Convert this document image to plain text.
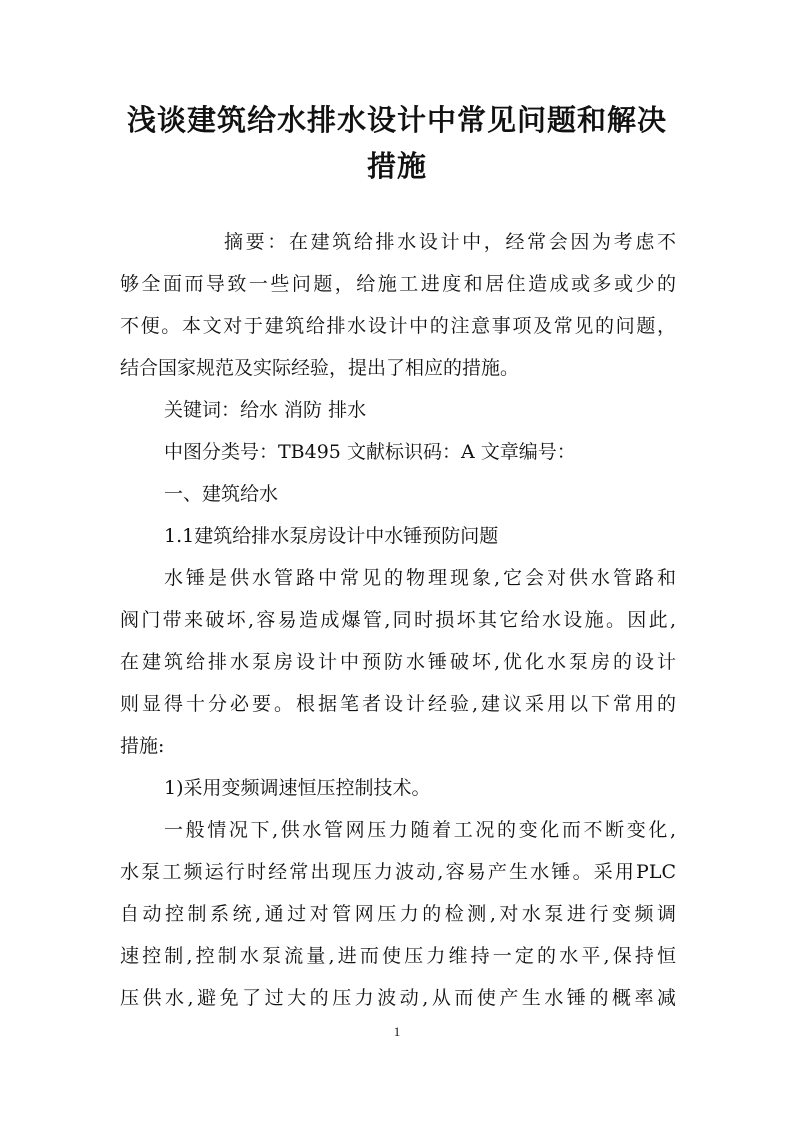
浅谈建筑给水排水设计中常见问题和解决
措施
摘要：在建筑给排水设计中，经常会因为考虑不
够全面而导致一些问题，给施工进度和居住造成或多或少的
不便。本文对于建筑给排水设计中的注意事项及常见的问题，
结合国家规范及实际经验，提出了相应的措施。
关键词：给水 消防 排水
中图分类号：TB495 文献标识码：A 文章编号：
一、建筑给水
1.1建筑给排水泵房设计中水锤预防问题
水锤是供水管路中常见的物理现象,它会对供水管路和
阀门带来破坏,容易造成爆管,同时损坏其它给水设施。因此,
在建筑给排水泵房设计中预防水锤破坏,优化水泵房的设计
则显得十分必要。根据笔者设计经验,建议采用以下常用的
措施:
1)采用变频调速恒压控制技术。
一般情况下,供水管网压力随着工况的变化而不断变化,
水泵工频运行时经常出现压力波动,容易产生水锤。采用PLC
自动控制系统,通过对管网压力的检测,对水泵进行变频调
速控制,控制水泵流量,进而使压力维持一定的水平,保持恒
压供水,避免了过大的压力波动,从而使产生水锤的概率减
1
